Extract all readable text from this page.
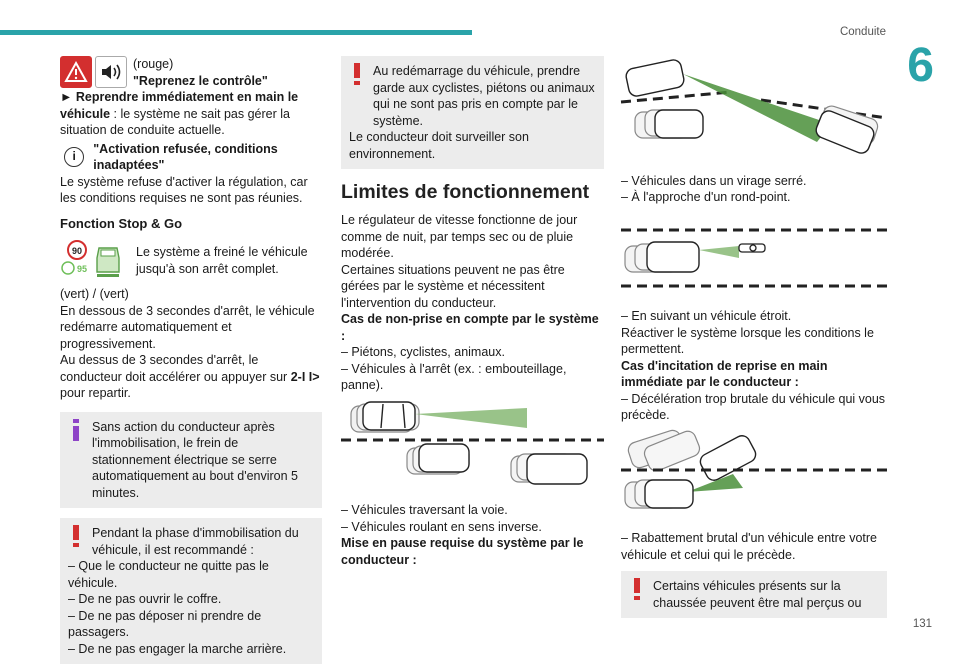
Conduite
6
131

(rouge)

"Reprenez le contrôle"

► Reprendre immédiatement en main le véhicule : le système ne sait pas gérer la situation de conduite actuelle.

i

"Activation refusée, conditions inadaptées"

Le système refuse d'activer la régulation, car les conditions requises ne sont pas réunies.

Fonction Stop & Go

90
95

Le système a freiné le véhicule jusqu'à son arrêt complet.

(vert) / (vert)

En dessous de 3 secondes d'arrêt, le véhicule redémarre automatiquement et progressivement.

Au dessus de 3 secondes d'arrêt, le conducteur doit accélérer ou appuyer sur 2-I I> pour repartir.

Sans action du conducteur après l'immobilisation, le frein de stationnement électrique se serre automatiquement au bout d'environ 5 minutes.

Pendant la phase d'immobilisation du véhicule, il est recommandé :

– Que le conducteur ne quitte pas le véhicule.

– De ne pas ouvrir le coffre.

– De ne pas déposer ni prendre de passagers.

– De ne pas engager la marche arrière.

Au redémarrage du véhicule, prendre garde aux cyclistes, piétons ou animaux qui ne sont pas pris en compte par le système.

Le conducteur doit surveiller son environnement.

Limites de fonctionnement

Le régulateur de vitesse fonctionne de jour comme de nuit, par temps sec ou de pluie modérée.

Certaines situations peuvent ne pas être gérées par le système et nécessitent l'intervention du conducteur.

Cas de non-prise en compte par le système :

– Piétons, cyclistes, animaux.

– Véhicules à l'arrêt (ex. : embouteillage, panne).

– Véhicules traversant la voie.

– Véhicules roulant en sens inverse.

Mise en pause requise du système par le conducteur :

– Véhicules dans un virage serré.

– À l'approche d'un rond-point.

– En suivant un véhicule étroit.

Réactiver le système lorsque les conditions le permettent.

Cas d'incitation de reprise en main immédiate par le conducteur :

– Décélération trop brutale du véhicule qui vous précède.

– Rabattement brutal d'un véhicule entre votre véhicule et celui qui le précède.

Certains véhicules présents sur la chaussée peuvent être mal perçus ou
